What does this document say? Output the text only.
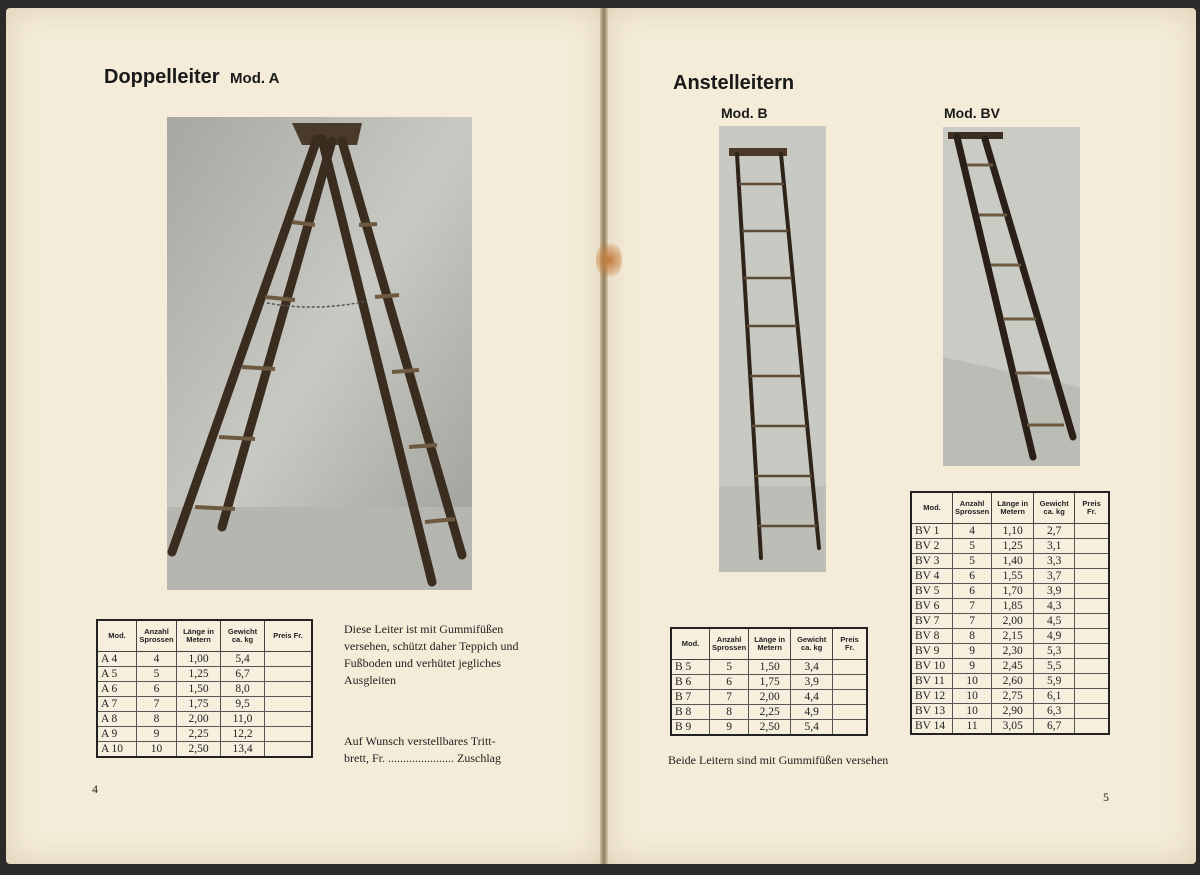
Doppelleiter Mod. A
Mod.	Anzahl Sprossen	Länge in Metern	Gewicht ca. kg	Preis Fr.
A 4	4	1,00	5,4	
A 5	5	1,25	6,7	
A 6	6	1,50	8,0	
A 7	7	1,75	9,5	
A 8	8	2,00	11,0	
A 9	9	2,25	12,2	
A 10	10	2,50	13,4	
Diese Leiter ist mit Gummifüßen versehen, schützt daher Teppich und Fußboden und verhütet jegliches Ausgleiten
Auf Wunsch verstellbares Tritt-
brett, Fr. ...................... Zuschlag
4
Anstelleitern
Mod. B	Mod. BV
Mod.	Anzahl Sprossen	Länge in Metern	Gewicht ca. kg	Preis Fr.
B 5	5	1,50	3,4	
B 6	6	1,75	3,9	
B 7	7	2,00	4,4	
B 8	8	2,25	4,9	
B 9	9	2,50	5,4	
Mod.	Anzahl Sprossen	Länge in Metern	Gewicht ca. kg	Preis Fr.
BV 1	4	1,10	2,7	
BV 2	5	1,25	3,1	
BV 3	5	1,40	3,3	
BV 4	6	1,55	3,7	
BV 5	6	1,70	3,9	
BV 6	7	1,85	4,3	
BV 7	7	2,00	4,5	
BV 8	8	2,15	4,9	
BV 9	9	2,30	5,3	
BV 10	9	2,45	5,5	
BV 11	10	2,60	5,9	
BV 12	10	2,75	6,1	
BV 13	10	2,90	6,3	
BV 14	11	3,05	6,7	
Beide Leitern sind mit Gummifüßen versehen
5
